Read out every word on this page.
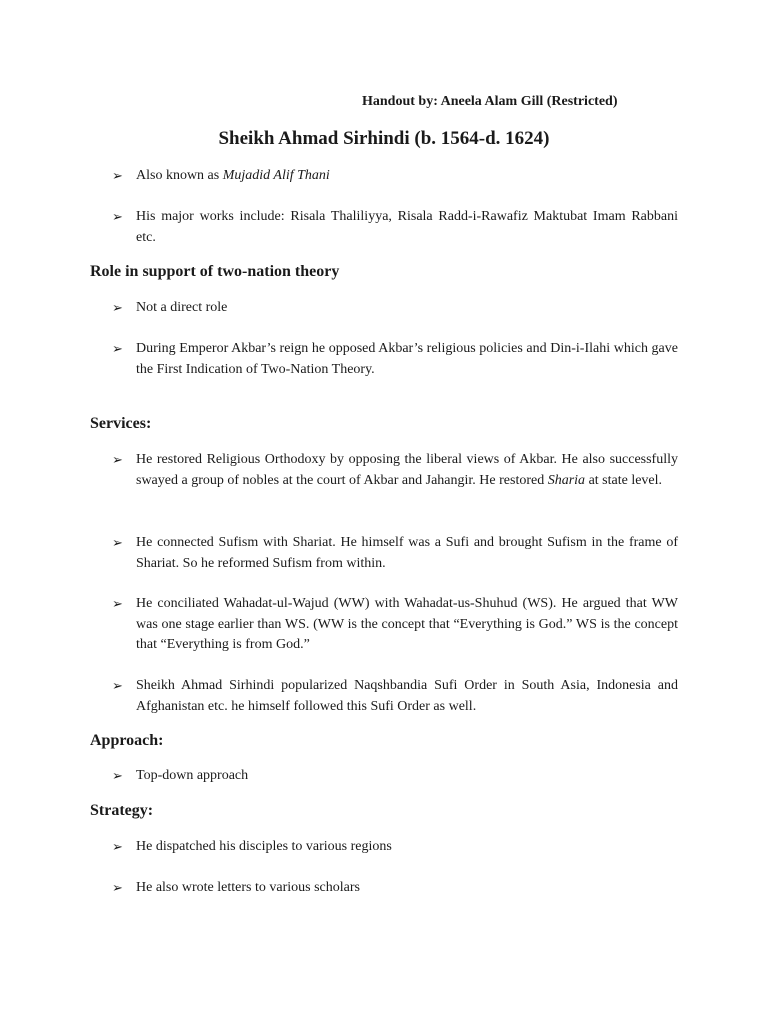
Handout by: Aneela Alam Gill (Restricted)
Sheikh Ahmad Sirhindi (b. 1564-d. 1624)
➢ Also known as Mujadid Alif Thani
➢ His major works include: Risala Thaliliyya, Risala Radd-i-Rawafiz Maktubat Imam Rabbani etc.
Role in support of two-nation theory
➢ Not a direct role
➢ During Emperor Akbar’s reign he opposed Akbar’s religious policies and Din-i-Ilahi which gave the First Indication of Two-Nation Theory.
Services:
➢ He restored Religious Orthodoxy by opposing the liberal views of Akbar. He also successfully swayed a group of nobles at the court of Akbar and Jahangir. He restored Sharia at state level.
➢ He connected Sufism with Shariat. He himself was a Sufi and brought Sufism in the frame of Shariat. So he reformed Sufism from within.
➢ He conciliated Wahadat-ul-Wajud (WW) with Wahadat-us-Shuhud (WS). He argued that WW was one stage earlier than WS. (WW is the concept that “Everything is God.” WS is the concept that “Everything is from God.”
➢ Sheikh Ahmad Sirhindi popularized Naqshbandia Sufi Order in South Asia, Indonesia and Afghanistan etc. he himself followed this Sufi Order as well.
Approach:
➢ Top-down approach
Strategy:
➢ He dispatched his disciples to various regions
➢ He also wrote letters to various scholars
